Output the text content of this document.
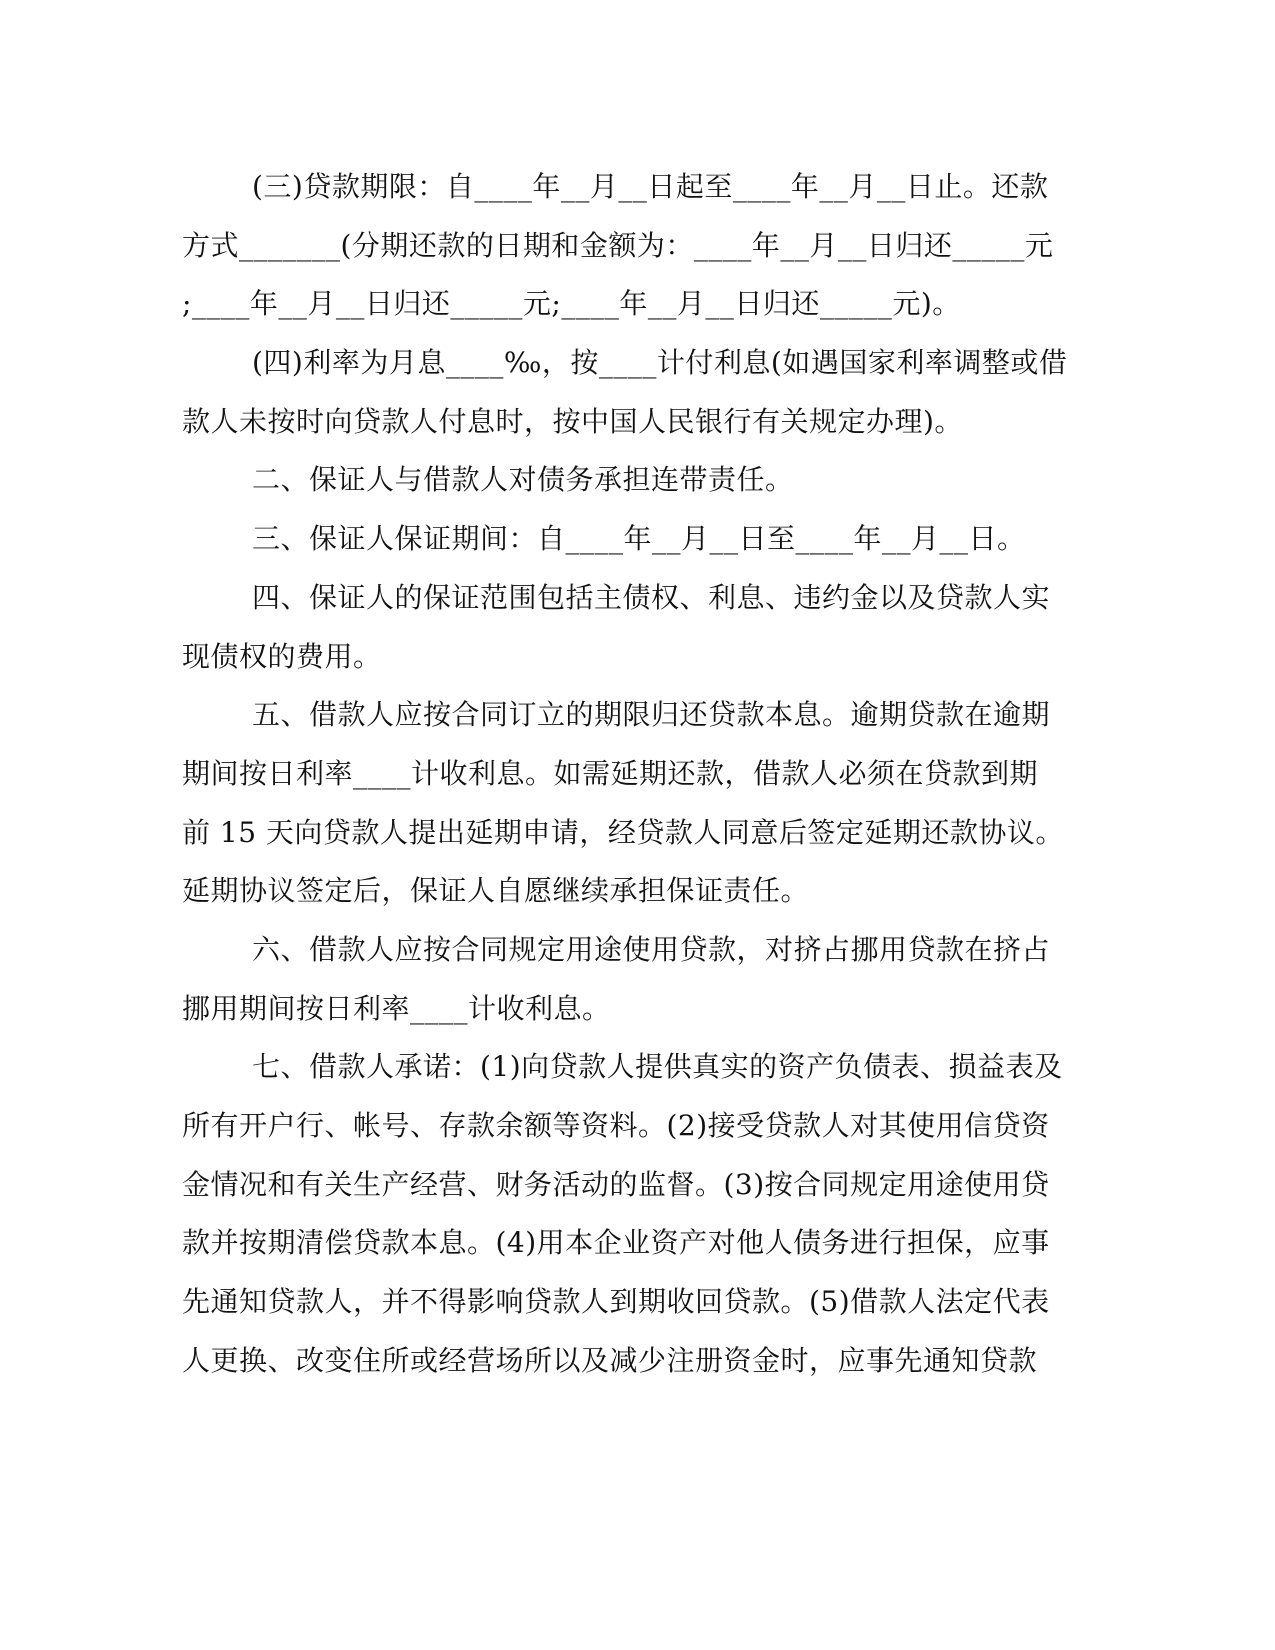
(三)贷款期限：自____年__月__日起至____年__月__日止。还款
方式_______(分期还款的日期和金额为：____年__月__日归还_____元
;____年__月__日归还_____元;____年__月__日归还_____元)。
(四)利率为月息____‰，按____计付利息(如遇国家利率调整或借
款人未按时向贷款人付息时，按中国人民银行有关规定办理)。
二、保证人与借款人对债务承担连带责任。
三、保证人保证期间：自____年__月__日至____年__月__日。
四、保证人的保证范围包括主债权、利息、违约金以及贷款人实
现债权的费用。
五、借款人应按合同订立的期限归还贷款本息。逾期贷款在逾期
期间按日利率____计收利息。如需延期还款，借款人必须在贷款到期
前 15 天向贷款人提出延期申请，经贷款人同意后签定延期还款协议。
延期协议签定后，保证人自愿继续承担保证责任。
六、借款人应按合同规定用途使用贷款，对挤占挪用贷款在挤占
挪用期间按日利率____计收利息。
七、借款人承诺：(1)向贷款人提供真实的资产负债表、损益表及
所有开户行、帐号、存款余额等资料。(2)接受贷款人对其使用信贷资
金情况和有关生产经营、财务活动的监督。(3)按合同规定用途使用贷
款并按期清偿贷款本息。(4)用本企业资产对他人债务进行担保，应事
先通知贷款人，并不得影响贷款人到期收回贷款。(5)借款人法定代表
人更换、改变住所或经营场所以及减少注册资金时，应事先通知贷款
